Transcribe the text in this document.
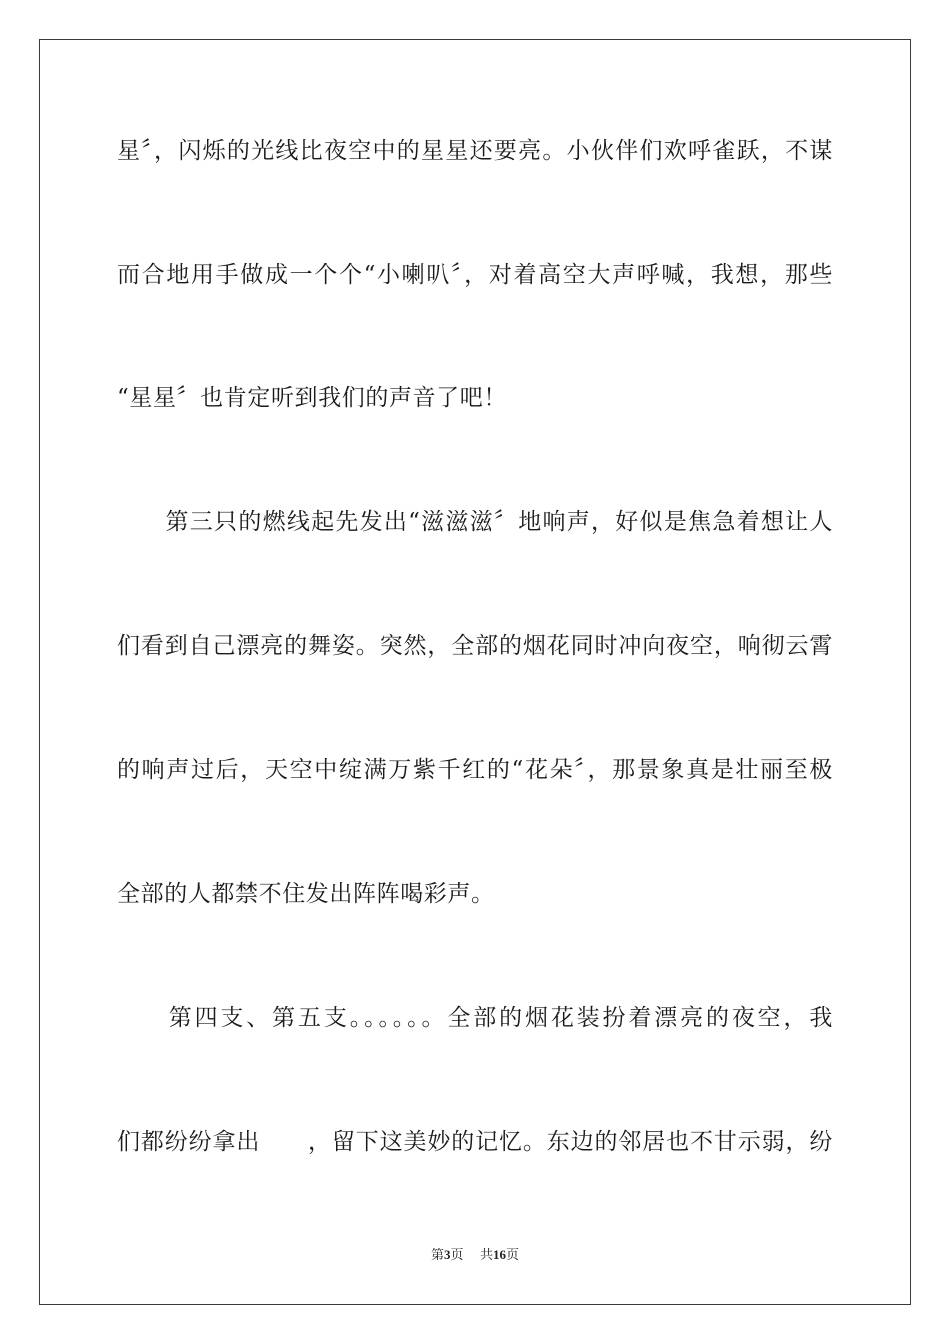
星〞，闪烁的光线比夜空中的星星还要亮。小伙伴们欢呼雀跃，不谋
而合地用手做成一个个“小喇叭〞，对着高空大声呼喊，我想，那些
“星星〞也肯定听到我们的声音了吧！
　　第三只的燃线起先发出“滋滋滋〞地响声，好似是焦急着想让人
们看到自己漂亮的舞姿。突然，全部的烟花同时冲向夜空，响彻云霄
的响声过后，天空中绽满万紫千红的“花朵〞，那景象真是壮丽至极
全部的人都禁不住发出阵阵喝彩声。
　　第四支、第五支。。。。。。全部的烟花装扮着漂亮的夜空，我
们都纷纷拿出　　，留下这美妙的记忆。东边的邻居也不甘示弱，纷
第3页 共16页
